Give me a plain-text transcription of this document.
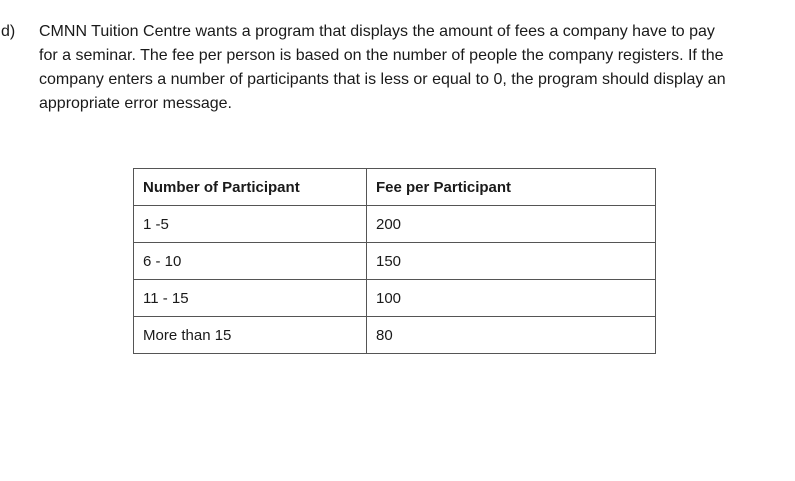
d)	CMNN Tuition Centre wants a program that displays the amount of fees a company have to pay for a seminar. The fee per person is based on the number of people the company registers. If the company enters a number of participants that is less or equal to 0, the program should display an appropriate error message.
Number of Participant	Fee per Participant
1 -5	200
6 - 10	150
11 - 15	100
More than 15	80
